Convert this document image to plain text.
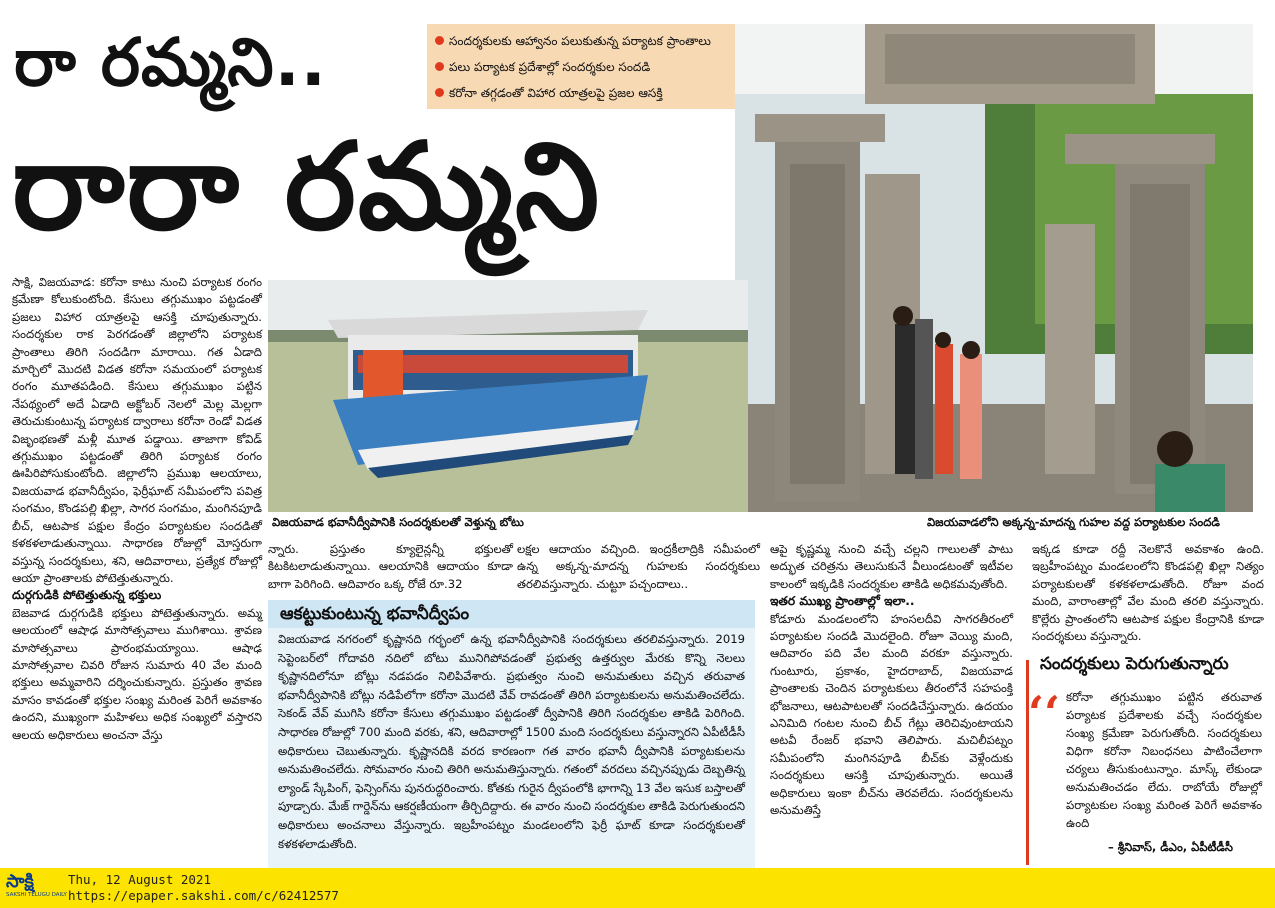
రా రమ్మని..
రారా రమ్మని
సందర్శకులకు ఆహ్వానం పలుకుతున్న పర్యాటక ప్రాంతాలు
పలు పర్యాటక ప్రదేశాల్లో సందర్శకుల సందడి
కరోనా తగ్గడంతో విహార యాత్రలపై ప్రజల ఆసక్తి
విజయవాడ భవానీద్వీపానికి సందర్శకులతో వెళ్తున్న బోటు	విజయవాడలోని అక్కన్న-మాదన్న గుహల వద్ద పర్యాటకుల సందడి

సాక్షి, విజయవాడ: కరోనా కాటు నుంచి పర్యాటక రంగం క్రమేణా కోలుకుంటోంది. కేసులు తగ్గుముఖం పట్టడంతో ప్రజలు విహార యాత్రలపై ఆసక్తి చూపుతున్నారు. సందర్శకుల రాక పెరగడంతో జిల్లాలోని పర్యాటక ప్రాంతాలు తిరిగి సందడిగా మారాయి. గత ఏడాది మార్చిలో మొదటి విడత కరోనా సమయంలో పర్యాటక రంగం మూతపడింది. కేసులు తగ్గుముఖం పట్టిన నేపథ్యంలో అదే ఏడాది అక్టోబర్ నెలలో మెల్ల మెల్లగా తెరుచుకుంటున్న పర్యాటక ద్వారాలు కరోనా రెండో విడత విజృంభణతో మళ్లీ మూత పడ్డాయి. తాజాగా కోవిడ్ తగ్గుముఖం పట్టడంతో తిరిగి పర్యాటక రంగం ఊపిరిపోసుకుంటోంది. జిల్లాలోని ప్రముఖ ఆలయాలు, విజయవాడ భవానీద్వీపం, ఫెర్రీఘాట్ సమీపంలోని పవిత్ర సంగమం, కొండపల్లి ఖిల్లా, సాగర సంగమం, మంగినపూడి బీచ్, ఆటపాక పక్షుల కేంద్రం పర్యాటకుల సందడితో కళకళలాడుతున్నాయి. సాధారణ రోజుల్లో మోస్తరుగా వస్తున్న సందర్శకులు, శని, ఆదివారాలు, ప్రత్యేక రోజుల్లో ఆయా ప్రాంతాలకు పోటెత్తుతున్నారు.

దుర్గగుడికి పోటెత్తుతున్న భక్తులు

బెజవాడ దుర్గగుడికి భక్తులు పోటెత్తుతున్నారు. అమ్మ ఆలయంలో ఆషాఢ మాసోత్సవాలు ముగిశాయి. శ్రావణ మాసోత్సవాలు ప్రారంభమయ్యాయి. ఆషాఢ మాసోత్సవాల చివరి రోజున సుమారు 40 వేల మంది భక్తులు అమ్మవారిని దర్శించుకున్నారు. ప్రస్తుతం శ్రావణ మాసం కావడంతో భక్తుల సంఖ్య మరింత పెరిగే అవకాశం ఉందని, ముఖ్యంగా మహిళలు అధిక సంఖ్యలో వస్తారని ఆలయ అధికారులు అంచనా వేస్తు

న్నారు. ప్రస్తుతం క్యూలైన్లన్నీ భక్తులతో కిటకిటలాడుతున్నాయి. ఆలయానికి ఆదాయం కూడా బాగా పెరిగింది. ఆదివారం ఒక్క రోజే రూ.32

లక్షల ఆదాయం వచ్చింది. ఇంద్రకీలాద్రికి సమీపంలో ఉన్న అక్కన్న-మాదన్న గుహలకు సందర్శకులు తరలివస్తున్నారు. చుట్టూ పచ్చందాలు..

ఆకట్టుకుంటున్న భవానీద్వీపం
విజయవాడ నగరంలో కృష్ణానది గర్భంలో ఉన్న భవానీద్వీపానికి సందర్శకులు తరలివస్తున్నారు. 2019 సెప్టెంబర్‌లో గోదావరి నదిలో బోటు మునిగిపోవడంతో ప్రభుత్వ ఉత్తర్వుల మేరకు కొన్ని నెలలు కృష్ణానదిలోనూ బోట్లు నడపడం నిలిపివేశారు. ప్రభుత్వం నుంచి అనుమతులు వచ్చిన తరువాత భవానీద్వీపానికి బోట్లు నడిపేలోగా కరోనా మొదటి వేవ్ రావడంతో తిరిగి పర్యాటకులను అనుమతించలేదు. సెకండ్ వేవ్ ముగిసి కరోనా కేసులు తగ్గుముఖం పట్టడంతో ద్వీపానికి తిరిగి సందర్శకుల తాకిడి పెరిగింది. సాధారణ రోజుల్లో 700 మంది వరకు, శని, ఆదివారాల్లో 1500 మంది సందర్శకులు వస్తున్నారని ఏపీటీడీసీ అధికారులు చెబుతున్నారు. కృష్ణానదికి వరద కారణంగా గత వారం భవానీ ద్వీపానికి పర్యాటకులను అనుమతించలేదు. సోమవారం నుంచి తిరిగి అనుమతిస్తున్నారు. గతంలో వరదలు వచ్చినప్పుడు దెబ్బతిన్న ల్యాండ్ స్కేపింగ్, ఫెన్సింగ్‌ను పునరుద్ధరించారు. కోతకు గురైన ద్వీపంలోకి భాగాన్ని 13 వేల ఇసుక బస్తాలతో పూడ్చారు. మేజ్ గార్డెన్‌ను ఆకర్షణీయంగా తీర్చిదిద్దారు. ఈ వారం నుంచి సందర్శకుల తాకిడి పెరుగుతుందని అధికారులు అంచనాలు వేస్తున్నారు. ఇబ్రహీంపట్నం మండలంలోని ఫెర్రీ ఘాట్ కూడా సందర్శకులతో కళకళలాడుతోంది.

ఆపై కృష్ణమ్మ నుంచి వచ్చే చల్లని గాలులతో పాటు అద్భుత చరిత్రను తెలుసుకునే వీలుండటంతో ఇటీవల కాలంలో ఇక్కడికి సందర్శకుల తాకిడి అధికమవుతోంది.

ఇతర ముఖ్య ప్రాంతాల్లో ఇలా..

కోడూరు మండలంలోని హంసలదీవి సాగరతీరంలో పర్యాటకుల సందడి మొదలైంది. రోజూ వెయ్యి మంది, ఆదివారం పది వేల మంది వరకూ వస్తున్నారు. గుంటూరు, ప్రకాశం, హైదరాబాద్, విజయవాడ ప్రాంతాలకు చెందిన పర్యాటకులు తీరంలోనే సహపంక్తి భోజనాలు, ఆటపాటలతో సందడిచేస్తున్నారు. ఉదయం ఎనిమిది గంటల నుంచి బీచ్ గేట్లు తెరిచివుంటాయని అటవీ రేంజర్ భవాని తెలిపారు. మచిలీపట్నం సమీపంలోని మంగినపూడి బీచ్‌కు వెళ్లేందుకు సందర్శకులు ఆసక్తి చూపుతున్నారు. అయితే అధికారులు ఇంకా బీచ్‌ను తెరవలేదు. సందర్శకులను అనుమతిస్తే

ఇక్కడ కూడా రద్దీ నెలకొనే అవకాశం ఉంది. ఇబ్రహీంపట్నం మండలంలోని కొండపల్లి ఖిల్లా నిత్యం పర్యాటకులతో కళకళలాడుతోంది. రోజూ వంద మంది, వారాంతాల్లో వేల మంది తరలి వస్తున్నారు. కొల్లేరు ప్రాంతంలోని ఆటపాక పక్షుల కేంద్రానికి కూడా సందర్శకులు వస్తున్నారు.

సందర్శకులు పెరుగుతున్నారు
‘‘ కరోనా తగ్గుముఖం పట్టిన తరువాత పర్యాటక ప్రదేశాలకు వచ్చే సందర్శకుల సంఖ్య క్రమేణా పెరుగుతోంది. సందర్శకులు విధిగా కరోనా నిబంధనలు పాటించేలాగా చర్యలు తీసుకుంటున్నాం. మాస్క్ లేకుండా అనుమతించడం లేదు. రాబోయే రోజుల్లో పర్యాటకుల సంఖ్య మరింత పెరిగే అవకాశం ఉంది
– శ్రీనివాస్, డీఎం, ఏపీటీడీసీ
సాక్షి
SAKSHI TELUGU DAILY
Thu, 12 August 2021
https://epaper.sakshi.com/c/62412577
